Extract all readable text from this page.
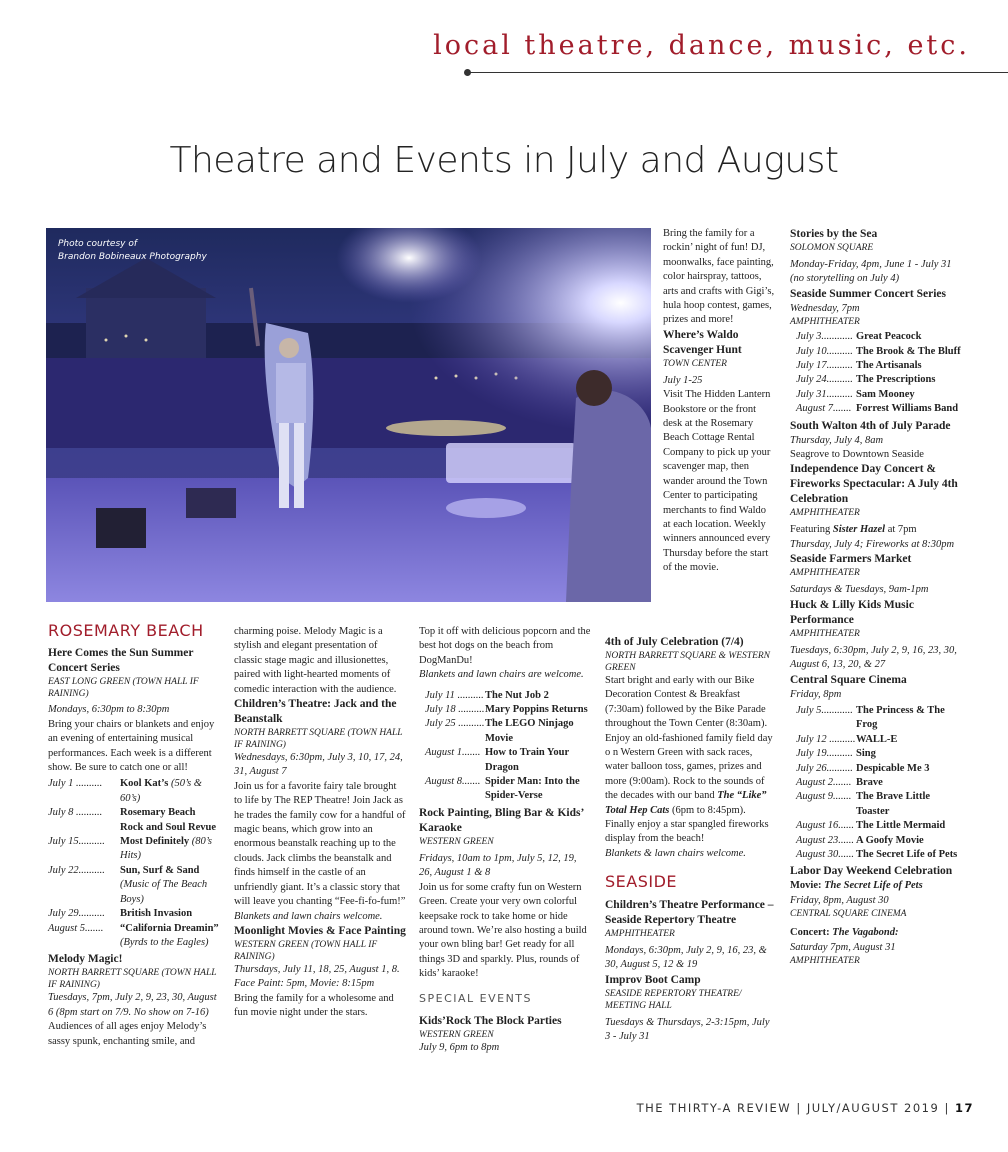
local theatre, dance, music, etc.
Theatre and Events in July and August
Photo courtesy of
Brandon Bobineaux Photography
ROSEMARY BEACH

Here Comes the Sun Summer Concert Series

EAST LONG GREEN (TOWN HALL IF RAINING)

Mondays, 6:30pm to 8:30pm

Bring your chairs or blankets and enjoy an evening of entertaining musical performances. Each week is a different show. Be sure to catch one or all!

July 1 ..........	Kool Kat’s (50’s & 60’s)
July 8 ..........	Rosemary Beach Rock and Soul Revue
July 15..........	Most Definitely (80’s Hits)
July 22..........	Sun, Surf & Sand (Music of The Beach Boys)
July 29..........	British Invasion
August 5.......	“California Dreamin” (Byrds to the Eagles)

Melody Magic!

NORTH BARRETT SQUARE (TOWN HALL IF RAINING)

Tuesdays, 7pm, July 2, 9, 23, 30, August 6 (8pm start on 7/9. No show on 7-16)

Audiences of all ages enjoy Melody’s sassy spunk, enchanting smile, and

charming poise. Melody Magic is a stylish and elegant presentation of classic stage magic and illusionettes, paired with light-hearted moments of comedic interaction with the audience.

Children’s Theatre: Jack and the Beanstalk

NORTH BARRETT SQUARE (TOWN HALL IF RAINING)

Wednesdays, 6:30pm, July 3, 10, 17, 24, 31, August 7

Join us for a favorite fairy tale brought to life by The REP Theatre! Join Jack as he trades the family cow for a handful of magic beans, which grow into an enormous beanstalk reaching up to the clouds. Jack climbs the beanstalk and finds himself in the castle of an unfriendly giant. It’s a classic story that will leave you chanting “Fee-fi-fo-fum!”

Blankets and lawn chairs welcome.

Moonlight Movies & Face Painting

WESTERN GREEN (TOWN HALL IF RAINING)

Thursdays, July 11, 18, 25, August 1, 8. Face Paint: 5pm, Movie: 8:15pm

Bring the family for a wholesome and fun movie night under the stars.

Top it off with delicious popcorn and the best hot dogs on the beach from DogManDu!

Blankets and lawn chairs are welcome.

July 11 .......... The Nut Job 2
July 18 .......... Mary Poppins Returns
July 25 .......... The LEGO Ninjago Movie
August 1....... How to Train Your Dragon
August 8....... Spider Man: Into the Spider-Verse

Rock Painting, Bling Bar & Kids’ Karaoke

WESTERN GREEN

Fridays, 10am to 1pm, July 5, 12, 19, 26, August 1 & 8

Join us for some crafty fun on Western Green. Create your very own colorful keepsake rock to take home or hide around town. We’re also hosting a build your own bling bar! Get ready for all things 3D and sparkly. Plus, rounds of kids’ karaoke!

SPECIAL EVENTS

Kids’Rock The Block Parties

WESTERN GREEN

July 9, 6pm to 8pm

Bring the family for a rockin’ night of fun! DJ, moonwalks, face painting, color hairspray, tattoos, arts and crafts with Gigi’s, hula hoop contest, games, prizes and more!

Where’s Waldo Scavenger Hunt

TOWN CENTER

July 1-25

Visit The Hidden Lantern Bookstore or the front desk at the Rosemary Beach Cottage Rental Company to pick up your scavenger map, then wander around the Town Center to participating merchants to find Waldo at each location. Weekly winners announced every Thursday before the start of the movie.

4th of July Celebration (7/4)

NORTH BARRETT SQUARE & WESTERN GREEN

Start bright and early with our Bike Decoration Contest & Breakfast (7:30am) followed by the Bike Parade throughout the Town Center (8:30am). Enjoy an old-fashioned family field day o n Western Green with sack races, water balloon toss, games, prizes and more (9:00am). Rock to the sounds of the decades with our band The “Like” Total Hep Cats (6pm to 8:45pm). Finally enjoy a star spangled fireworks display from the beach!

Blankets & lawn chairs welcome.

SEASIDE

Children’s Theatre Performance – Seaside Repertory Theatre

AMPHITHEATER

Mondays, 6:30pm, July 2, 9, 16, 23, & 30, August 5, 12 & 19

Improv Boot Camp

SEASIDE REPERTORY THEATRE/ MEETING HALL

Tuesdays & Thursdays, 2-3:15pm, July 3 - July 31

Stories by the Sea

SOLOMON SQUARE

Monday-Friday, 4pm, June 1 - July 31 (no storytelling on July 4)

Seaside Summer Concert Series

Wednesday, 7pm

AMPHITHEATER

July 3............ Great Peacock
July 10.......... The Brook & The Bluff
July 17.......... The Artisanals
July 24.......... The Prescriptions
July 31.......... Sam Mooney
August 7....... Forrest Williams Band

South Walton 4th of July Parade

Thursday, July 4, 8am

Seagrove to Downtown Seaside

Independence Day Concert & Fireworks Spectacular: A July 4th Celebration

AMPHITHEATER

Featuring Sister Hazel at 7pm

Thursday, July 4; Fireworks at 8:30pm

Seaside Farmers Market

AMPHITHEATER

Saturdays & Tuesdays, 9am-1pm

Huck & Lilly Kids Music Performance

AMPHITHEATER

Tuesdays, 6:30pm, July 2, 9, 16, 23, 30, August 6, 13, 20, & 27

Central Square Cinema

Friday, 8pm

July 5............ The Princess & The Frog
July 12 .......... WALL-E
July 19.......... Sing
July 26.......... Despicable Me 3
August 2....... Brave
August 9....... The Brave Little Toaster
August 16...... The Little Mermaid
August 23...... A Goofy Movie
August 30...... The Secret Life of Pets

Labor Day Weekend Celebration

Movie: The Secret Life of Pets

Friday, 8pm, August 30

CENTRAL SQUARE CINEMA

Concert: The Vagabond:

Saturday 7pm, August 31

AMPHITHEATER

THE THIRTY-A REVIEW | JULY/AUGUST 2019 | 17
